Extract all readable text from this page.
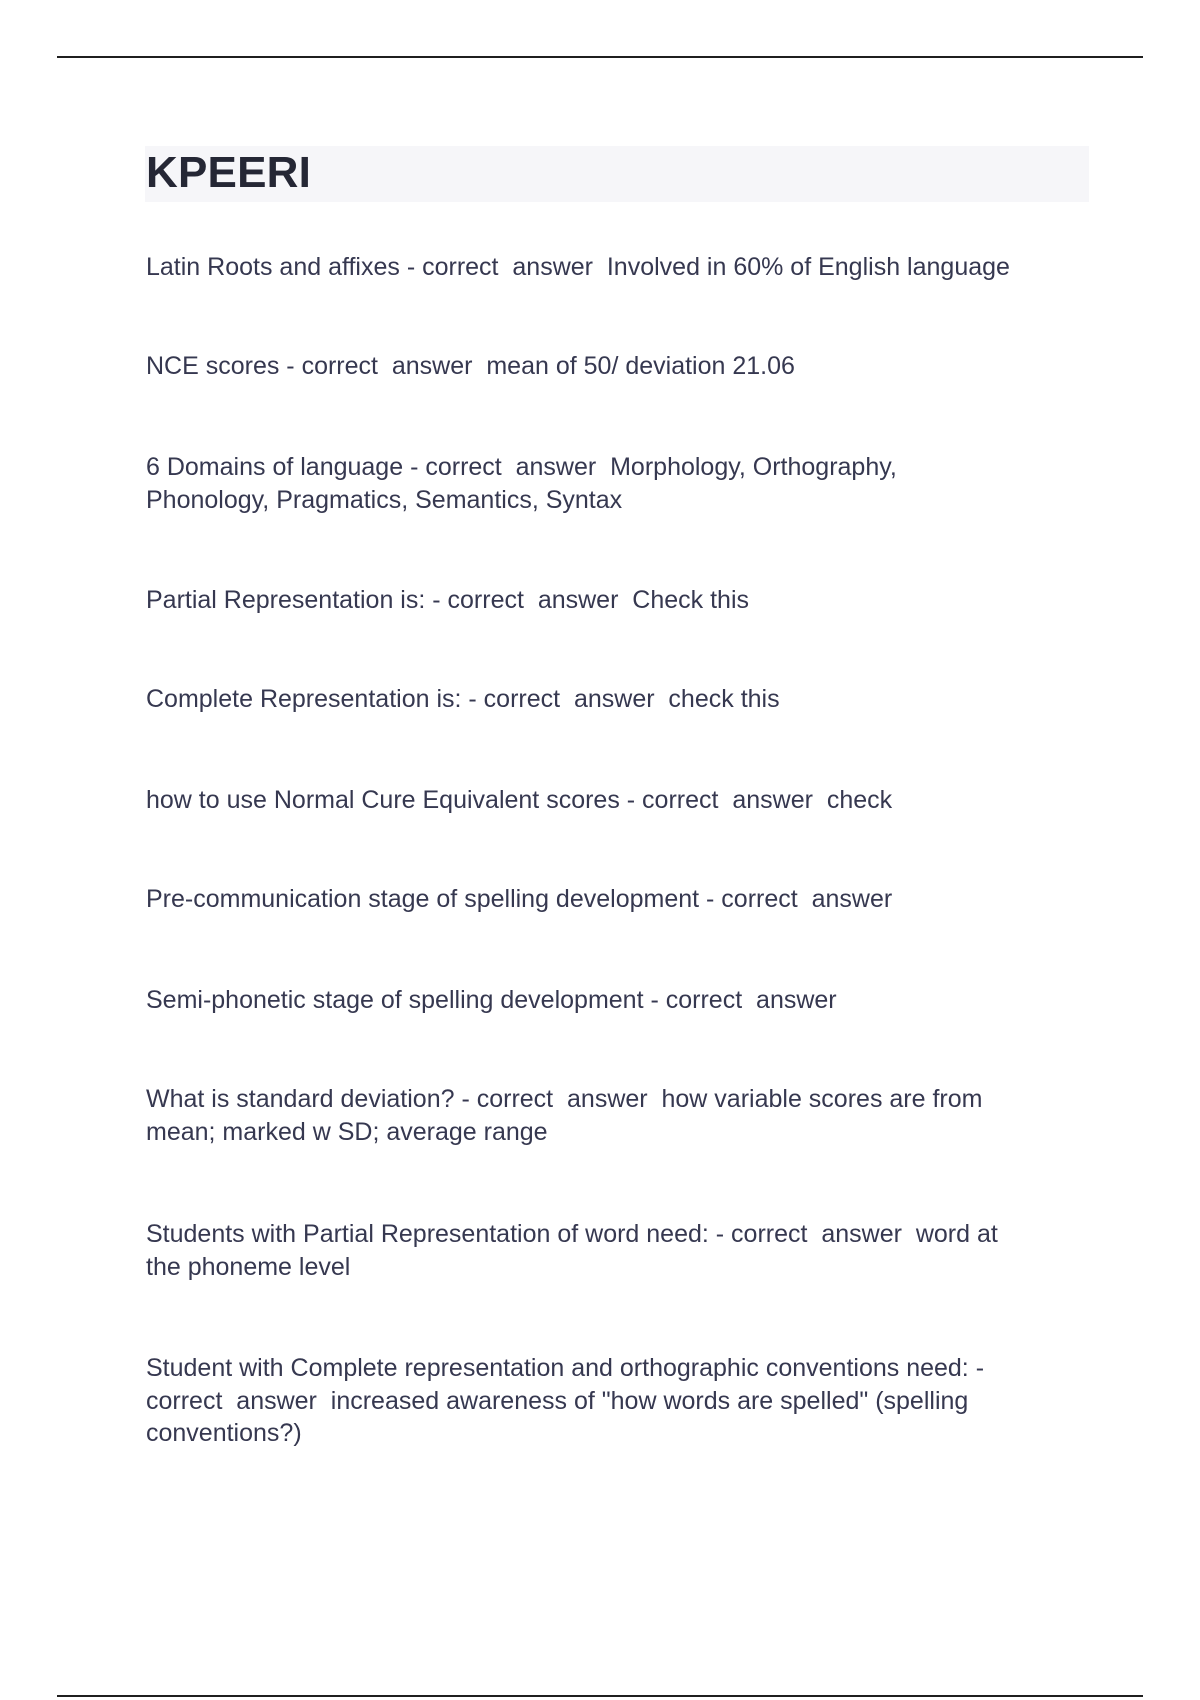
KPEERI

Latin Roots and affixes - correct  answer  Involved in 60% of English language

NCE scores - correct  answer  mean of 50/ deviation 21.06

6 Domains of language - correct  answer  Morphology, Orthography,
Phonology, Pragmatics, Semantics, Syntax

Partial Representation is: - correct  answer  Check this

Complete Representation is: - correct  answer  check this

how to use Normal Cure Equivalent scores - correct  answer  check

Pre-communication stage of spelling development - correct  answer

Semi-phonetic stage of spelling development - correct  answer

What is standard deviation? - correct  answer  how variable scores are from
mean; marked w SD; average range

Students with Partial Representation of word need: - correct  answer  word at
the phoneme level

Student with Complete representation and orthographic conventions need: -
correct  answer  increased awareness of "how words are spelled" (spelling
conventions?)
